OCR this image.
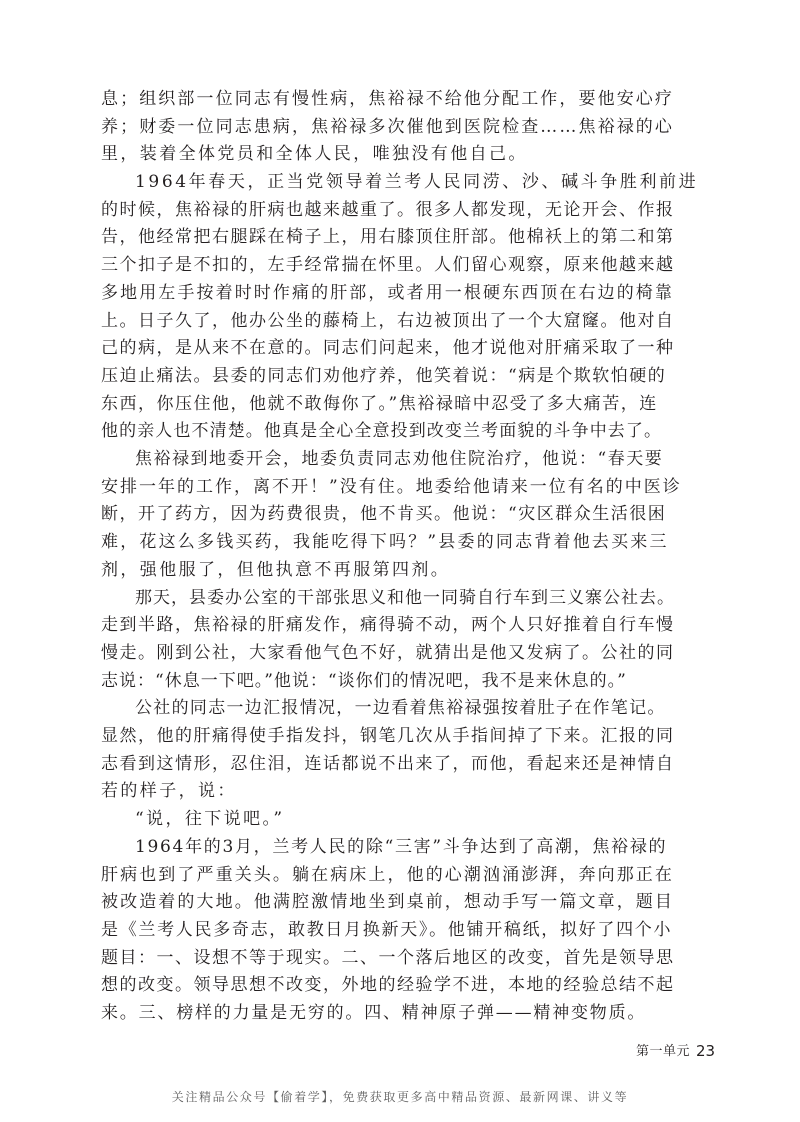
息；组织部一位同志有慢性病，焦裕禄不给他分配工作，要他安心疗
养；财委一位同志患病，焦裕禄多次催他到医院检查……焦裕禄的心
里，装着全体党员和全体人民，唯独没有他自己。
1964年春天，正当党领导着兰考人民同涝、沙、碱斗争胜利前进
的时候，焦裕禄的肝病也越来越重了。很多人都发现，无论开会、作报
告，他经常把右腿踩在椅子上，用右膝顶住肝部。他棉袄上的第二和第
三个扣子是不扣的，左手经常揣在怀里。人们留心观察，原来他越来越
多地用左手按着时时作痛的肝部，或者用一根硬东西顶在右边的椅靠
上。日子久了，他办公坐的藤椅上，右边被顶出了一个大窟窿。他对自
己的病，是从来不在意的。同志们问起来，他才说他对肝痛采取了一种
压迫止痛法。县委的同志们劝他疗养，他笑着说：“病是个欺软怕硬的
东西，你压住他，他就不敢侮你了。”焦裕禄暗中忍受了多大痛苦，连
他的亲人也不清楚。他真是全心全意投到改变兰考面貌的斗争中去了。
焦裕禄到地委开会，地委负责同志劝他住院治疗，他说：“春天要
安排一年的工作，离不开！”没有住。地委给他请来一位有名的中医诊
断，开了药方，因为药费很贵，他不肯买。他说：“灾区群众生活很困
难，花这么多钱买药，我能吃得下吗？”县委的同志背着他去买来三
剂，强他服了，但他执意不再服第四剂。
那天，县委办公室的干部张思义和他一同骑自行车到三义寨公社去。
走到半路，焦裕禄的肝痛发作，痛得骑不动，两个人只好推着自行车慢
慢走。刚到公社，大家看他气色不好，就猜出是他又发病了。公社的同
志说：“休息一下吧。”他说：“谈你们的情况吧，我不是来休息的。”
公社的同志一边汇报情况，一边看着焦裕禄强按着肚子在作笔记。
显然，他的肝痛得使手指发抖，钢笔几次从手指间掉了下来。汇报的同
志看到这情形，忍住泪，连话都说不出来了，而他，看起来还是神情自
若的样子，说：
“说，往下说吧。”
1964年的3月，兰考人民的除“三害”斗争达到了高潮，焦裕禄的
肝病也到了严重关头。躺在病床上，他的心潮汹涌澎湃，奔向那正在
被改造着的大地。他满腔激情地坐到桌前，想动手写一篇文章，题目
是《兰考人民多奇志，敢教日月换新天》。他铺开稿纸，拟好了四个小
题目：一、设想不等于现实。二、一个落后地区的改变，首先是领导思
想的改变。领导思想不改变，外地的经验学不进，本地的经验总结不起
来。三、榜样的力量是无穷的。四、精神原子弹——精神变物质。
第一单元 23
关注精品公众号【偷着学】，免费获取更多高中精品资源、最新网课、讲义等
